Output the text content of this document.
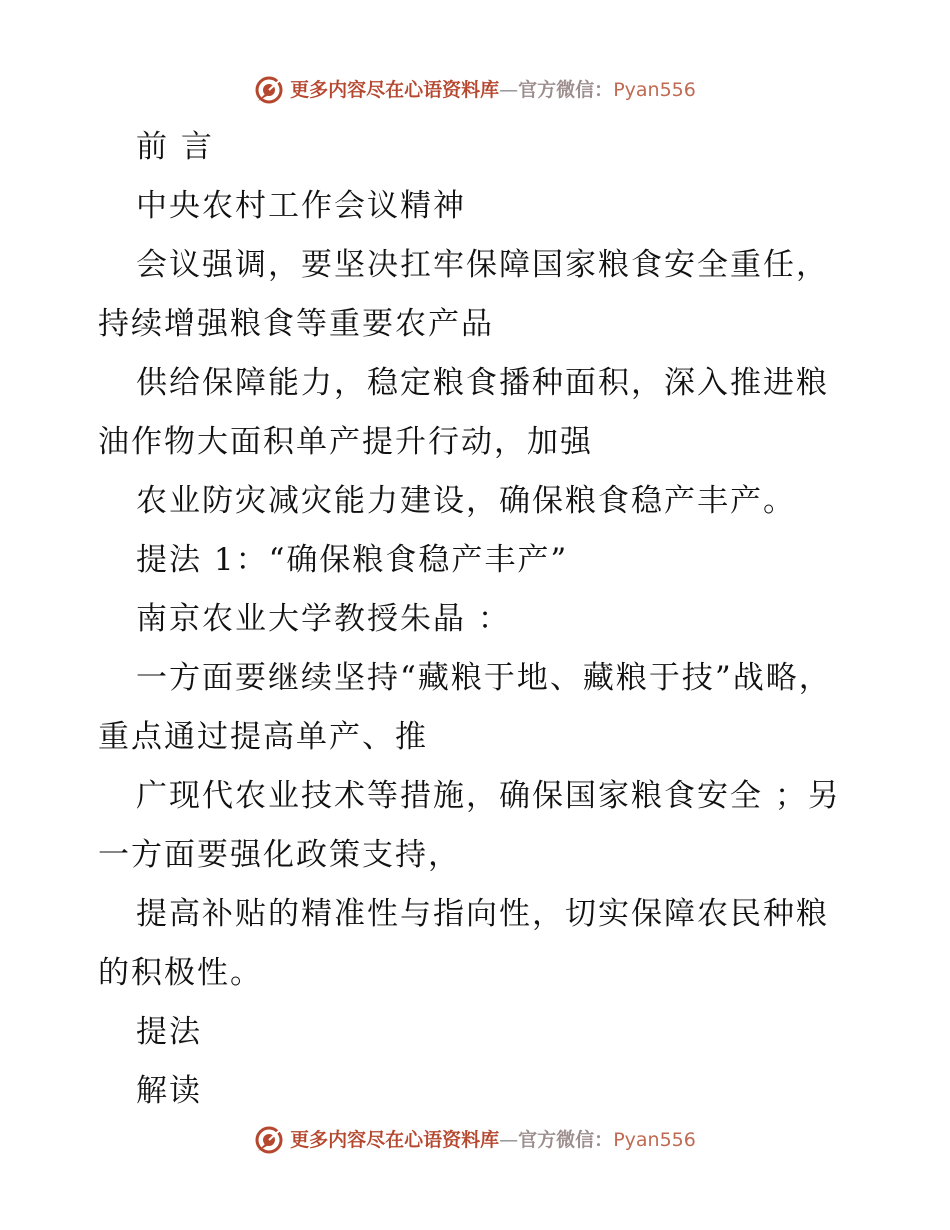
更多内容尽在心语资料库—官方微信：Pyan556

前 言

中央农村工作会议精神

会议强调，要坚决扛牢保障国家粮食安全重任，持续增强粮食等重要农产品

供给保障能力，稳定粮食播种面积，深入推进粮油作物大面积单产提升行动，加强

农业防灾减灾能力建设，确保粮食稳产丰产。

提法 1：“确保粮食稳产丰产”

南京农业大学教授朱晶 ：

一方面要继续坚持“藏粮于地、藏粮于技”战略，重点通过提高单产、推

广现代农业技术等措施，确保国家粮食安全 ；另一方面要强化政策支持，

提高补贴的精准性与指向性，切实保障农民种粮的积极性。

提法

解读

更多内容尽在心语资料库—官方微信：Pyan556
